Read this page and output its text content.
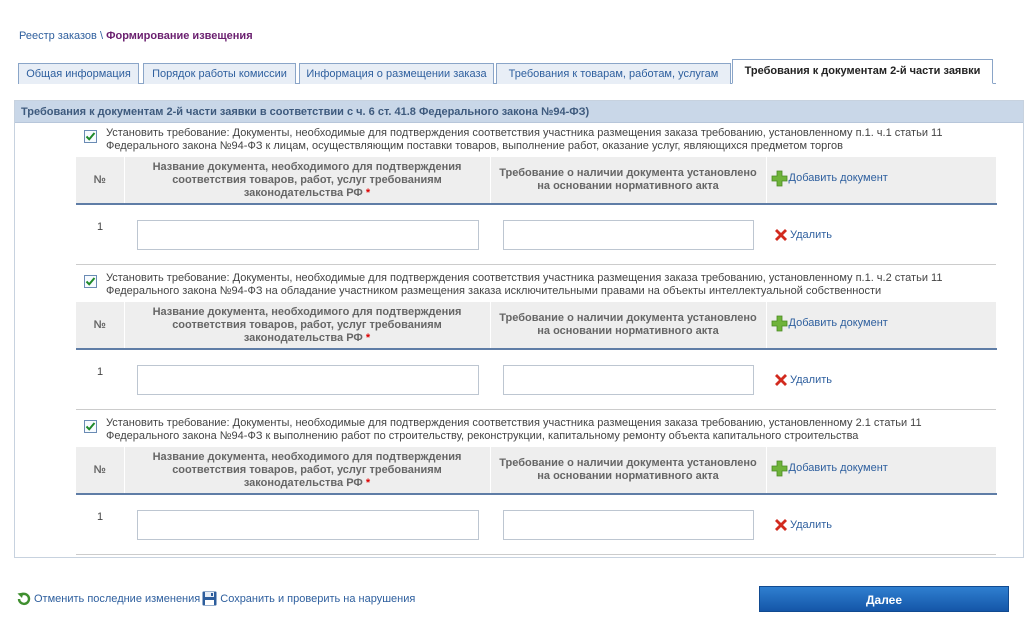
Реестр заказов \ Формирование извещения
Общая информация	Порядок работы комиссии	Информация о размещении заказа	Требования к товарам, работам, услугам	Требования к документам 2-й части заявки
Требования к документам 2-й части заявки в соответствии с ч. 6 ст. 41.8 Федерального закона №94-ФЗ)
Установить требование: Документы, необходимые для подтверждения соответствия участника размещения заказа требованию, установленному п.1. ч.1 статьи 11 Федерального закона №94-ФЗ к лицам, осуществляющим поставки товаров, выполнение работ, оказание услуг, являющихся предметом торгов
№	Название документа, необходимого для подтверждения соответствия товаров, работ, услуг требованиям законодательства РФ *	Требование о наличии документа установлено на основании нормативного акта	Добавить документ

1			Удалить
Установить требование: Документы, необходимые для подтверждения соответствия участника размещения заказа требованию, установленному п.1. ч.2 статьи 11 Федерального закона №94-ФЗ на обладание участником размещения заказа исключительными правами на объекты интеллектуальной собственности
№	Название документа, необходимого для подтверждения соответствия товаров, работ, услуг требованиям законодательства РФ *	Требование о наличии документа установлено на основании нормативного акта	Добавить документ

1			Удалить
Установить требование: Документы, необходимые для подтверждения соответствия участника размещения заказа требованию, установленному 2.1 статьи 11 Федерального закона №94-ФЗ к выполнению работ по строительству, реконструкции, капитальному ремонту объекта капитального строительства
№	Название документа, необходимого для подтверждения соответствия товаров, работ, услуг требованиям законодательства РФ *	Требование о наличии документа установлено на основании нормативного акта	Добавить документ

1			Удалить
Отменить последние изменения Сохранить и проверить на нарушения	Далее
